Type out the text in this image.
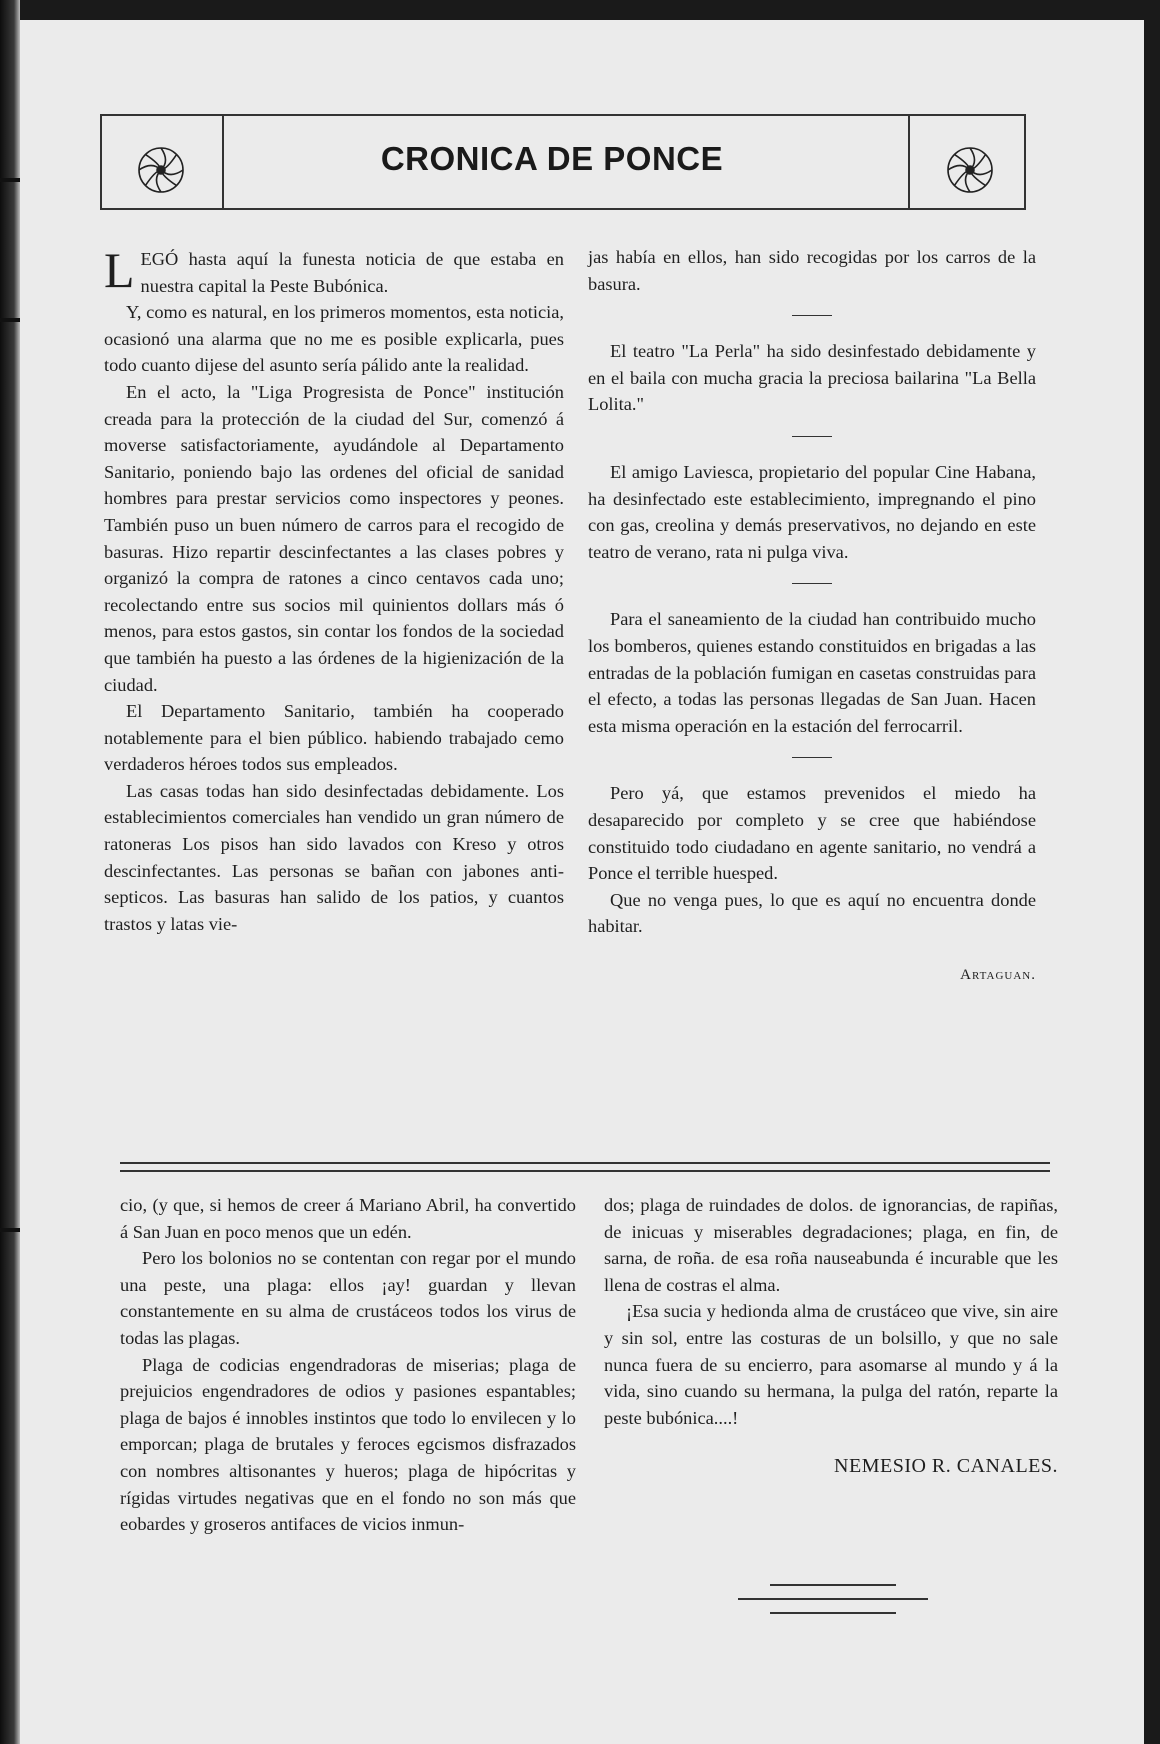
CRONICA DE PONCE

LEGÓ hasta aquí la funesta noticia de que estaba en nuestra capital la Peste Bubónica.

Y, como es natural, en los primeros momentos, esta noticia, ocasionó una alarma que no me es posible explicarla, pues todo cuanto dijese del asunto sería pálido ante la realidad.

En el acto, la "Liga Progresista de Ponce" institución creada para la protección de la ciudad del Sur, comenzó á moverse satisfactoriamente, ayudándole al Departamento Sanitario, poniendo bajo las ordenes del oficial de sanidad hombres para prestar servicios como inspectores y peones. También puso un buen número de carros para el recogido de basuras. Hizo repartir descinfectantes a las clases pobres y organizó la compra de ratones a cinco centavos cada uno; recolectando entre sus socios mil quinientos dollars más ó menos, para estos gastos, sin contar los fondos de la sociedad que también ha puesto a las órdenes de la higienización de la ciudad.

El Departamento Sanitario, también ha cooperado notablemente para el bien público. habiendo trabajado cemo verdaderos héroes todos sus empleados.

Las casas todas han sido desinfectadas debidamente. Los establecimientos comerciales han vendido un gran número de ratoneras Los pisos han sido lavados con Kreso y otros descinfectantes. Las personas se bañan con jabones anti-septicos. Las basuras han salido de los patios, y cuantos trastos y latas vie-

jas había en ellos, han sido recogidas por los carros de la basura.

El teatro "La Perla" ha sido desinfestado debidamente y en el baila con mucha gracia la preciosa bailarina "La Bella Lolita."

El amigo Laviesca, propietario del popular Cine Habana, ha desinfectado este establecimiento, impregnando el pino con gas, creolina y demás preservativos, no dejando en este teatro de verano, rata ni pulga viva.

Para el saneamiento de la ciudad han contribuido mucho los bomberos, quienes estando constituidos en brigadas a las entradas de la población fumigan en casetas construidas para el efecto, a todas las personas llegadas de San Juan. Hacen esta misma operación en la estación del ferrocarril.

Pero yá, que estamos prevenidos el miedo ha desaparecido por completo y se cree que habiéndose constituido todo ciudadano en agente sanitario, no vendrá a Ponce el terrible huesped.

Que no venga pues, lo que es aquí no encuentra donde habitar.

Artaguan.

cio, (y que, si hemos de creer á Mariano Abril, ha convertido á San Juan en poco menos que un edén.

Pero los bolonios no se contentan con regar por el mundo una peste, una plaga: ellos ¡ay! guardan y llevan constantemente en su alma de crustáceos todos los virus de todas las plagas.

Plaga de codicias engendradoras de miserias; plaga de prejuicios engendradores de odios y pasiones espantables; plaga de bajos é innobles instintos que todo lo envilecen y lo emporcan; plaga de brutales y feroces egcismos disfrazados con nombres altisonantes y hueros; plaga de hipócritas y rígidas virtudes negativas que en el fondo no son más que eobardes y groseros antifaces de vicios inmun-

dos; plaga de ruindades de dolos. de ignorancias, de rapiñas, de inicuas y miserables degradaciones; plaga, en fin, de sarna, de roña. de esa roña nauseabunda é incurable que les llena de costras el alma.

¡Esa sucia y hedionda alma de crustáceo que vive, sin aire y sin sol, entre las costuras de un bolsillo, y que no sale nunca fuera de su encierro, para asomarse al mundo y á la vida, sino cuando su hermana, la pulga del ratón, reparte la peste bubónica....!

NEMESIO R. CANALES.
